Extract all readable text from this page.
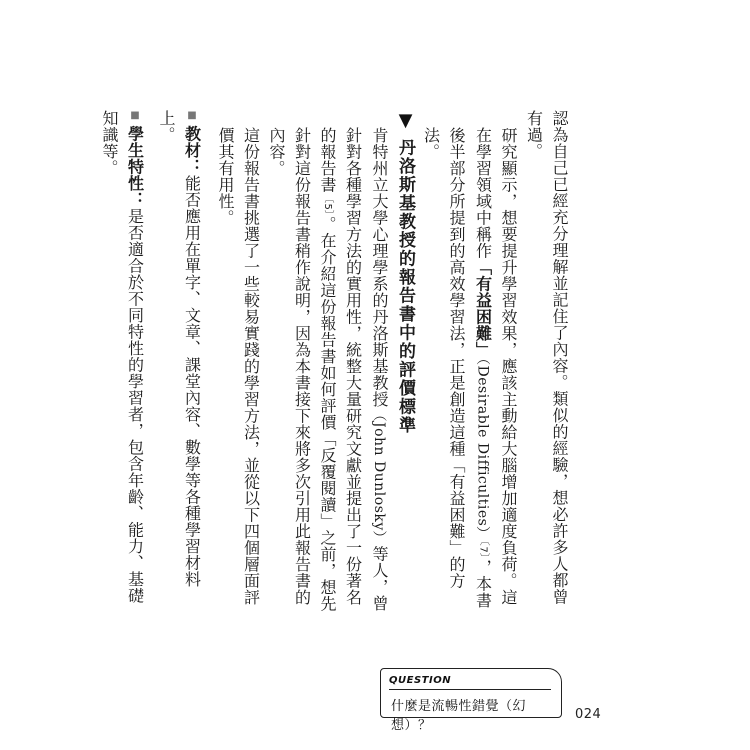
認為自己已經充分理解並記住了內容。類似的經驗，想必許多人都曾有過。

研究顯示，想要提升學習效果，應該主動給大腦增加適度負荷。這在學習領域中稱作「有益困難」（Desirable Difficulties）〔7〕，本書後半部分所提到的高效學習法，正是創造這種「有益困難」的方法。

▼丹洛斯基教授的報告書中的評價標準

肯特州立大學心理學系的丹洛斯基教授（John Dunlosky）等人，曾針對各種學習方法的實用性，統整大量研究文獻並提出了一份著名的報告書〔5〕。在介紹這份報告書如何評價「反覆閱讀」之前，想先針對這份報告書稍作說明，因為本書接下來將多次引用此報告書的內容。

這份報告書挑選了一些較易實踐的學習方法，並從以下四個層面評價其有用性。

■教材：能否應用在單字、文章、課堂內容、數學等各種學習材料上。

■學生特性：是否適合於不同特性的學習者，包含年齡、能力、基礎知識等。

QUESTION
什麼是流暢性錯覺（幻想）？
024
